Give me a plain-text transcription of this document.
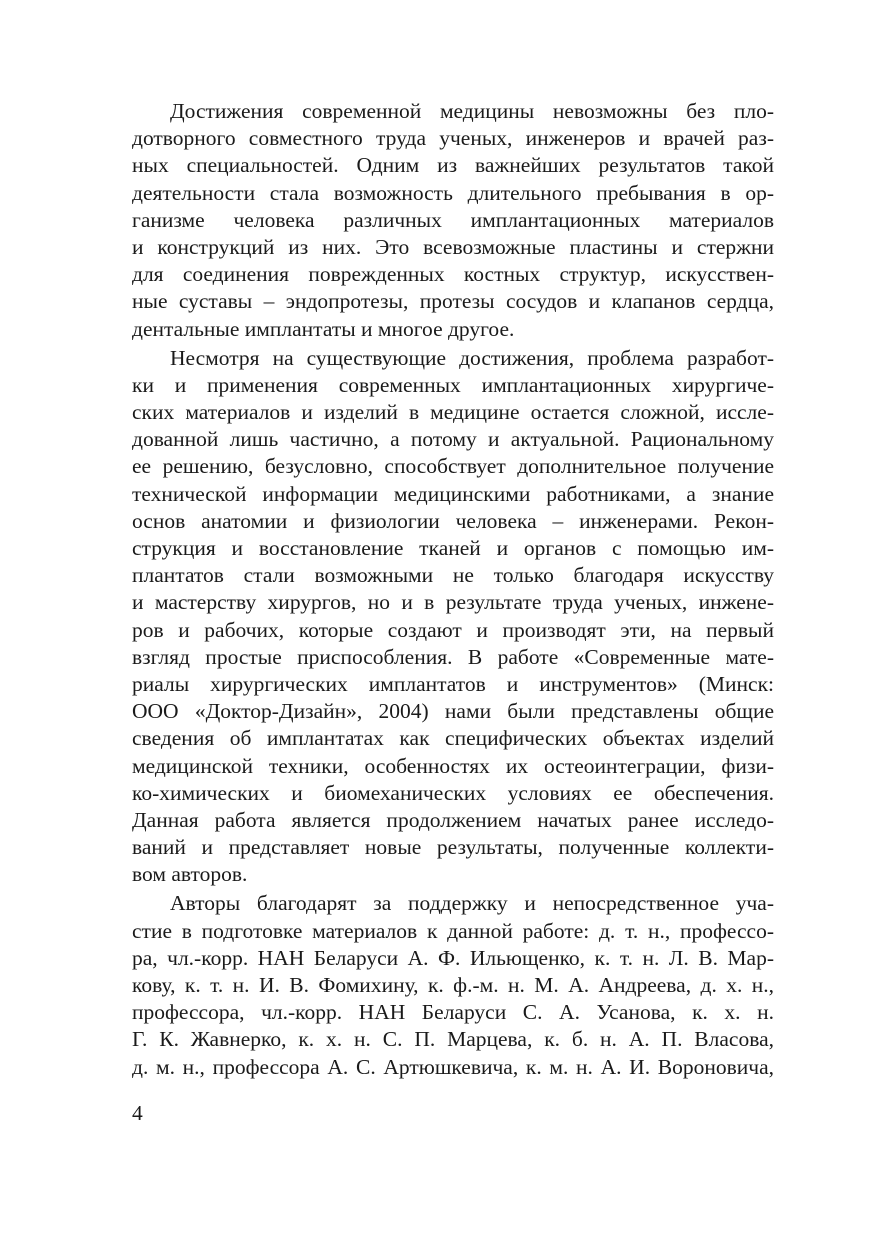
Достижения современной медицины невозможны без пло-
дотворного совместного труда ученых, инженеров и врачей раз-
ных специальностей. Одним из важнейших результатов такой
деятельности стала возможность длительного пребывания в ор-
ганизме человека различных имплантационных материалов
и конструкций из них. Это всевозможные пластины и стержни
для соединения поврежденных костных структур, искусствен-
ные суставы – эндопротезы, протезы сосудов и клапанов сердца,
дентальные имплантаты и многое другое.
Несмотря на существующие достижения, проблема разработ-
ки и применения современных имплантационных хирургиче-
ских материалов и изделий в медицине остается сложной, иссле-
дованной лишь частично, а потому и актуальной. Рациональному
ее решению, безусловно, способствует дополнительное получение
технической информации медицинскими работниками, а знание
основ анатомии и физиологии человека – инженерами. Рекон-
струкция и восстановление тканей и органов с помощью им-
плантатов стали возможными не только благодаря искусству
и мастерству хирургов, но и в результате труда ученых, инжене-
ров и рабочих, которые создают и производят эти, на первый
взгляд простые приспособления. В работе «Современные мате-
риалы хирургических имплантатов и инструментов» (Минск:
ООО «Доктор-Дизайн», 2004) нами были представлены общие
сведения об имплантатах как специфических объектах изделий
медицинской техники, особенностях их остеоинтеграции, физи-
ко-химических и биомеханических условиях ее обеспечения.
Данная работа является продолжением начатых ранее исследо-
ваний и представляет новые результаты, полученные коллекти-
вом авторов.
Авторы благодарят за поддержку и непосредственное уча-
стие в подготовке материалов к данной работе: д. т. н., профессо-
ра, чл.-корр. НАН Беларуси А. Ф. Ильющенко, к. т. н. Л. В. Мар-
кову, к. т. н. И. В. Фомихину, к. ф.-м. н. М. А. Андреева, д. х. н.,
профессора, чл.-корр. НАН Беларуси С. А. Усанова, к. х. н.
Г. К. Жавнерко, к. х. н. С. П. Марцева, к. б. н. А. П. Власова,
д. м. н., профессора А. С. Артюшкевича, к. м. н. А. И. Вороновича,
4
